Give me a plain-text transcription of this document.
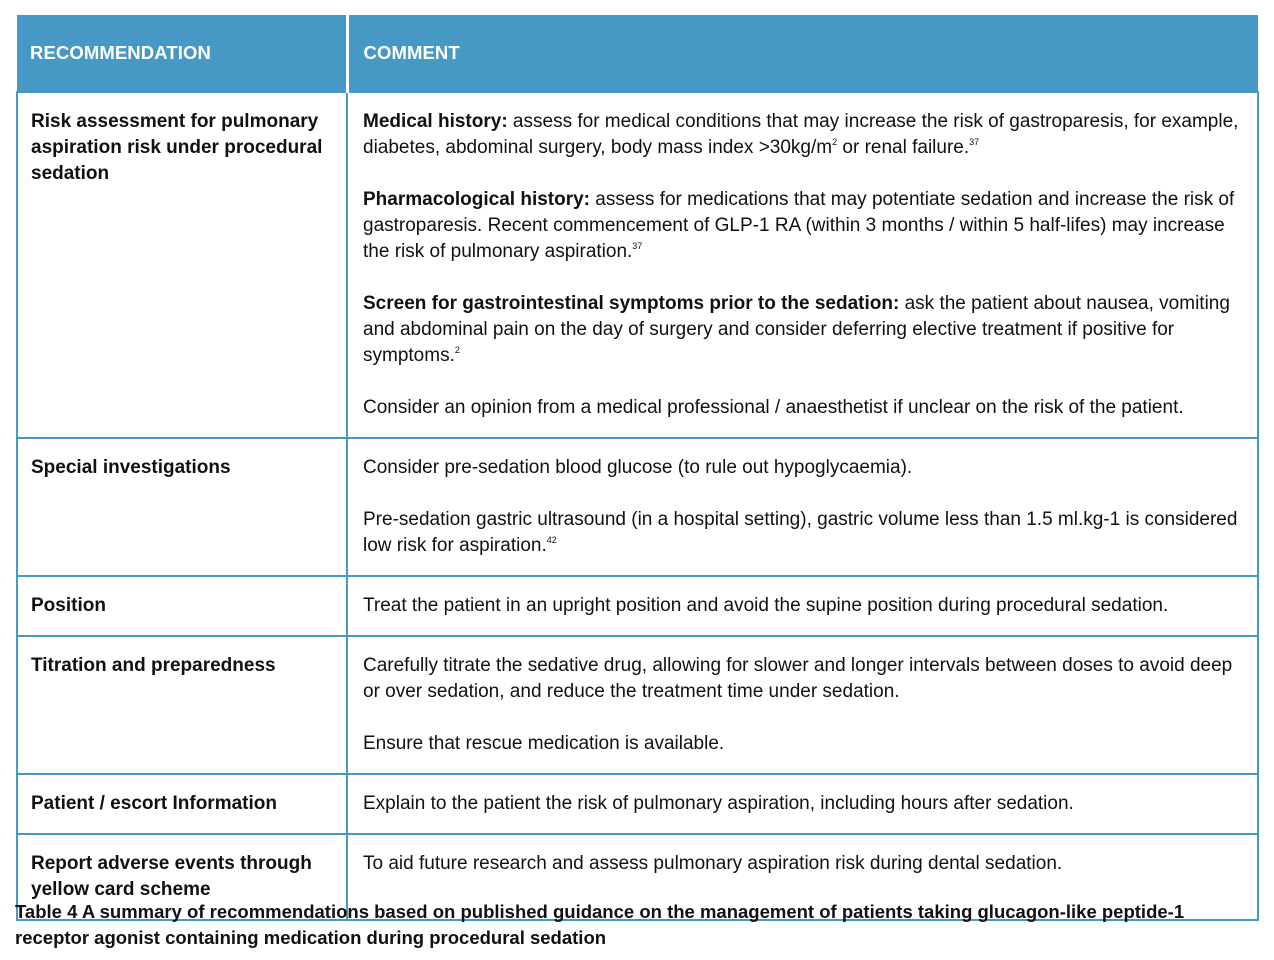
RECOMMENDATION	COMMENT
Risk assessment for pulmonary aspiration risk under procedural sedation	Medical history: assess for medical conditions that may increase the risk of gastroparesis, for example, diabetes, abdominal surgery, body mass index $>30kg/m^2$ or renal failure.$^{37}$

Pharmacological history: assess for medications that may potentiate sedation and increase the risk of gastroparesis. Recent commencement of GLP-1 RA (within 3 months / within 5 half-lifes) may increase the risk of pulmonary aspiration.$^{37}$

Screen for gastrointestinal symptoms prior to the sedation: ask the patient about nausea, vomiting and abdominal pain on the day of surgery and consider deferring elective treatment if positive for symptoms.$^2$

Consider an opinion from a medical professional / anaesthetist if unclear on the risk of the patient.

Special investigations	Consider pre-sedation blood glucose (to rule out hypoglycaemia).

Pre-sedation gastric ultrasound (in a hospital setting), gastric volume less than 1.5 ml.kg-1 is considered low risk for aspiration.$^{42}$

Position	Treat the patient in an upright position and avoid the supine position during procedural sedation.

Titration and preparedness	Carefully titrate the sedative drug, allowing for slower and longer intervals between doses to avoid deep or over sedation, and reduce the treatment time under sedation.

Ensure that rescue medication is available.

Patient / escort Information	Explain to the patient the risk of pulmonary aspiration, including hours after sedation.

Report adverse events through yellow card scheme	To aid future research and assess pulmonary aspiration risk during dental sedation.

Table 4 A summary of recommendations based on published guidance on the management of patients taking glucagon-like peptide-1 receptor agonist containing medication during procedural sedation
